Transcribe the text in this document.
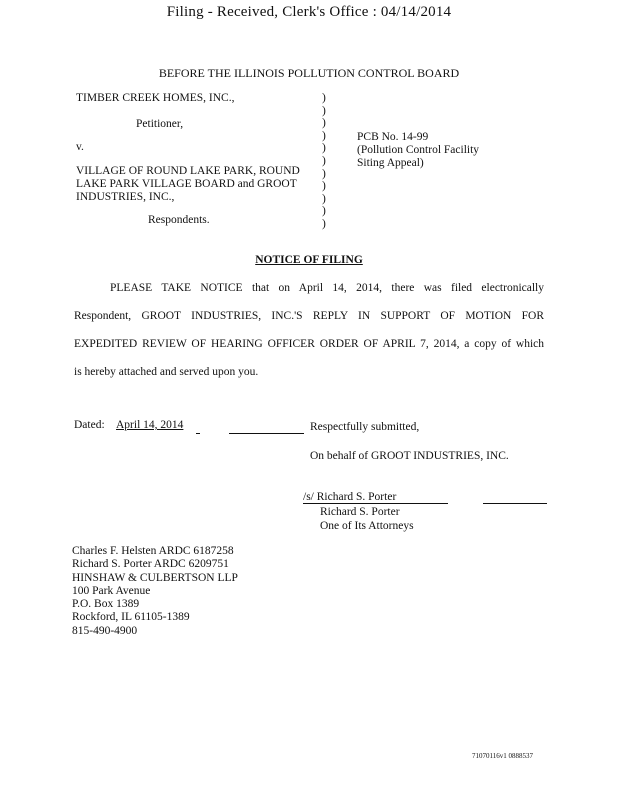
Filing - Received, Clerk's Office : 04/14/2014
BEFORE THE ILLINOIS POLLUTION CONTROL BOARD
TIMBER CREEK HOMES, INC.,
Petitioner,
v.
VILLAGE OF ROUND LAKE PARK, ROUND
LAKE PARK VILLAGE BOARD and GROOT
INDUSTRIES, INC.,
Respondents.
)
)
)
)
)
)
)
)
)
)
)
PCB No. 14-99
(Pollution Control Facility
Siting Appeal)
NOTICE OF FILING
PLEASE TAKE NOTICE that on April 14, 2014, there was filed electronically
Respondent, GROOT INDUSTRIES, INC.'S REPLY IN SUPPORT OF MOTION FOR
EXPEDITED REVIEW OF HEARING OFFICER ORDER OF APRIL 7, 2014, a copy of which
is hereby attached and served upon you.
Dated: April 14, 2014	Respectfully submitted,
On behalf of GROOT INDUSTRIES, INC.
/s/ Richard S. Porter
Richard S. Porter
One of Its Attorneys
Charles F. Helsten ARDC 6187258
Richard S. Porter ARDC 6209751
HINSHAW & CULBERTSON LLP
100 Park Avenue
P.O. Box 1389
Rockford, IL 61105-1389
815-490-4900
71070116v1 0888537
